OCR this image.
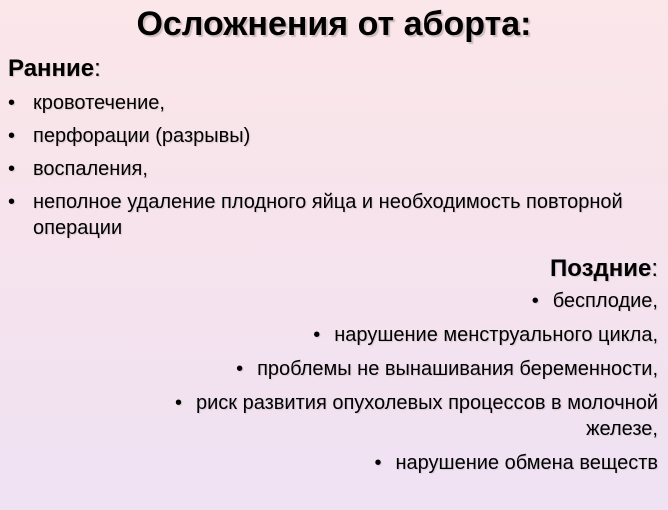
Осложнения от аборта:
Ранние:
• кровотечение,
• перфорации (разрывы)
• воспаления,
• неполное удаление плодного яйца и необходимость повторной операции
Поздние:
• бесплодие,
• нарушение менструального цикла,
• проблемы не вынашивания беременности,
• риск развития опухолевых процессов в молочной
железе,
• нарушение обмена веществ
